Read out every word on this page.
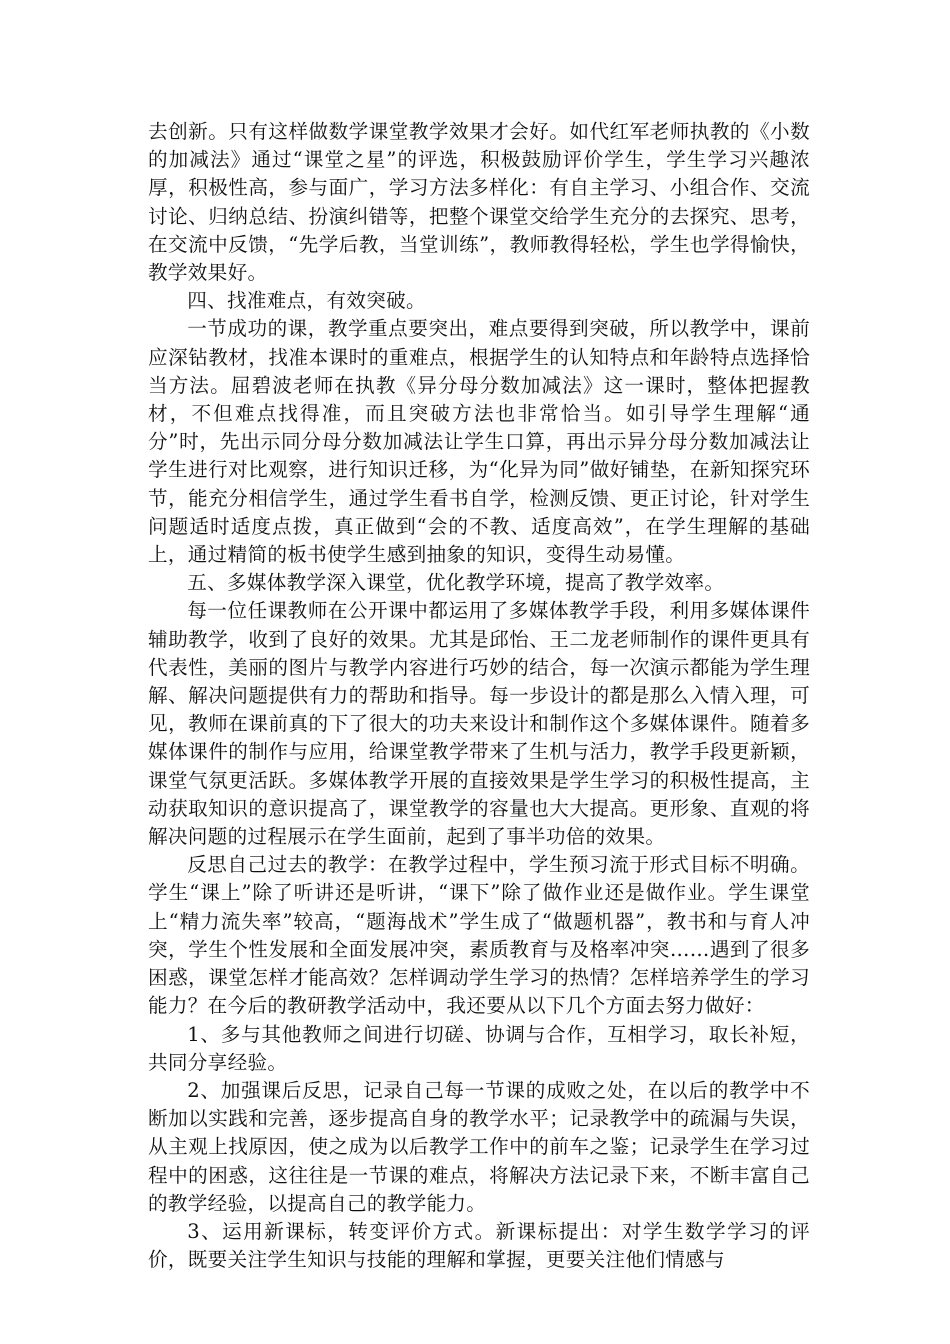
去创新。只有这样做数学课堂教学效果才会好。如代红军老师执教的《小数的加减法》通过“课堂之星”的评选，积极鼓励评价学生，学生学习兴趣浓厚，积极性高，参与面广，学习方法多样化：有自主学习、小组合作、交流讨论、归纳总结、扮演纠错等，把整个课堂交给学生充分的去探究、思考，在交流中反馈，“先学后教，当堂训练”，教师教得轻松，学生也学得愉快，教学效果好。

四、找准难点，有效突破。

一节成功的课，教学重点要突出，难点要得到突破，所以教学中，课前应深钻教材，找准本课时的重难点，根据学生的认知特点和年龄特点选择恰当方法。屈碧波老师在执教《异分母分数加减法》这一课时，整体把握教材，不但难点找得准，而且突破方法也非常恰当。如引导学生理解“通分”时，先出示同分母分数加减法让学生口算，再出示异分母分数加减法让学生进行对比观察，进行知识迁移，为“化异为同”做好铺垫，在新知探究环节，能充分相信学生，通过学生看书自学，检测反馈、更正讨论，针对学生问题适时适度点拨，真正做到“会的不教、适度高效”，在学生理解的基础上，通过精简的板书使学生感到抽象的知识，变得生动易懂。

五、多媒体教学深入课堂，优化教学环境，提高了教学效率。

每一位任课教师在公开课中都运用了多媒体教学手段，利用多媒体课件辅助教学，收到了良好的效果。尤其是邱怡、王二龙老师制作的课件更具有代表性，美丽的图片与教学内容进行巧妙的结合，每一次演示都能为学生理解、解决问题提供有力的帮助和指导。每一步设计的都是那么入情入理，可见，教师在课前真的下了很大的功夫来设计和制作这个多媒体课件。随着多媒体课件的制作与应用，给课堂教学带来了生机与活力，教学手段更新颖，课堂气氛更活跃。多媒体教学开展的直接效果是学生学习的积极性提高，主动获取知识的意识提高了，课堂教学的容量也大大提高。更形象、直观的将解决问题的过程展示在学生面前，起到了事半功倍的效果。

反思自己过去的教学：在教学过程中，学生预习流于形式目标不明确。学生“课上”除了听讲还是听讲，“课下”除了做作业还是做作业。学生课堂上“精力流失率”较高，“题海战术”学生成了“做题机器”，教书和与育人冲突，学生个性发展和全面发展冲突，素质教育与及格率冲突……遇到了很多困惑，课堂怎样才能高效？怎样调动学生学习的热情？怎样培养学生的学习能力？在今后的教研教学活动中，我还要从以下几个方面去努力做好：

1、多与其他教师之间进行切磋、协调与合作，互相学习，取长补短，共同分享经验。

2、加强课后反思，记录自己每一节课的成败之处，在以后的教学中不断加以实践和完善，逐步提高自身的教学水平；记录教学中的疏漏与失误，从主观上找原因，使之成为以后教学工作中的前车之鉴；记录学生在学习过程中的困惑，这往往是一节课的难点，将解决方法记录下来，不断丰富自己的教学经验，以提高自己的教学能力。

3、运用新课标，转变评价方式。新课标提出：对学生数学学习的评价，既要关注学生知识与技能的理解和掌握，更要关注他们情感与
